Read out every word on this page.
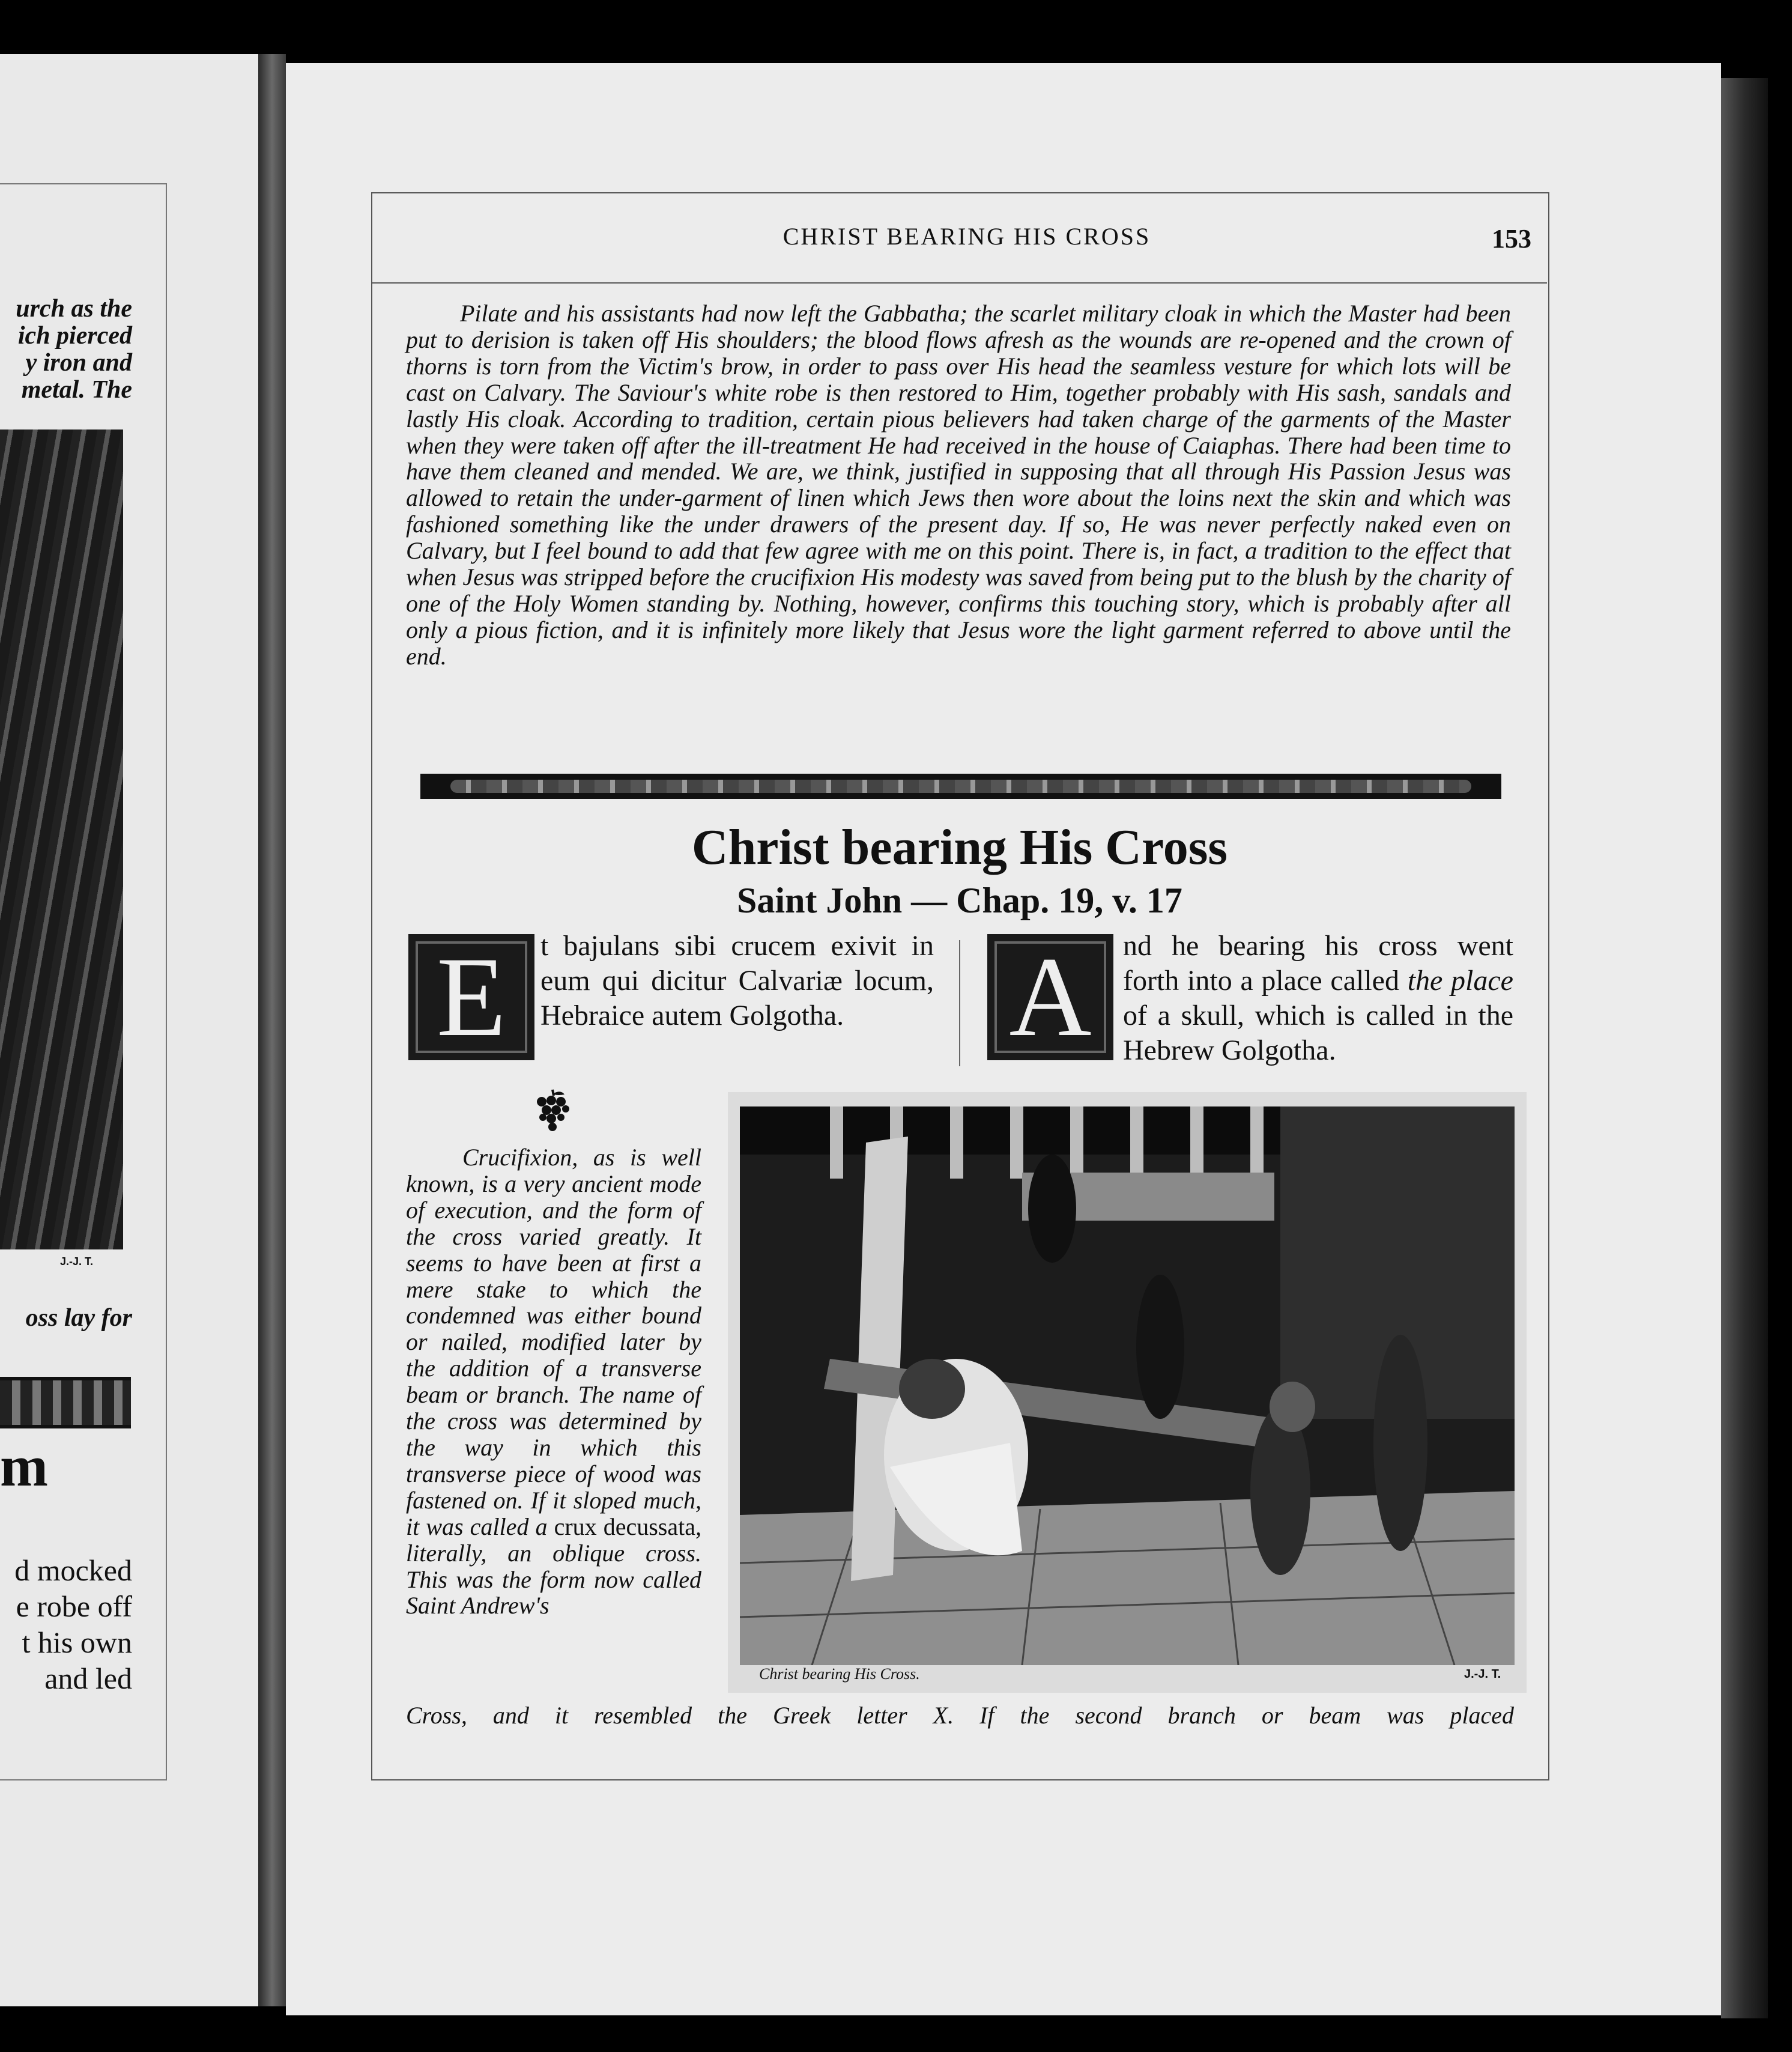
urch as the
ich pierced
y iron and
metal. The
J.-J. T.
oss lay for
m
d mocked
e robe off
t his own
and led
CHRIST BEARING HIS CROSS	153

Pilate and his assistants had now left the Gabbatha; the scarlet military cloak in which the Master had been put to derision is taken off His shoulders; the blood flows afresh as the wounds are re-opened and the crown of thorns is torn from the Victim's brow, in order to pass over His head the seamless vesture for which lots will be cast on Calvary. The Saviour's white robe is then restored to Him, together probably with His sash, sandals and lastly His cloak. According to tradition, certain pious believers had taken charge of the garments of the Master when they were taken off after the ill-treatment He had received in the house of Caiaphas. There had been time to have them cleaned and mended. We are, we think, justified in supposing that all through His Passion Jesus was allowed to retain the under-garment of linen which Jews then wore about the loins next the skin and which was fashioned something like the under drawers of the present day. If so, He was never perfectly naked even on Calvary, but I feel bound to add that few agree with me on this point. There is, in fact, a tradition to the effect that when Jesus was stripped before the crucifixion His modesty was saved from being put to the blush by the charity of one of the Holy Women standing by. Nothing, however, confirms this touching story, which is probably after all only a pious fiction, and it is infinitely more likely that Jesus wore the light garment referred to above until the end.

Christ bearing His Cross
Saint John — Chap. 19, v. 17
E	t bajulans sibi crucem exivit in eum qui dicitur Calvariæ locum, Hebraice autem Golgotha.	A	nd he bearing his cross went forth into a place called the place of a skull, which is called in the Hebrew Golgotha.

Crucifixion, as is well known, is a very ancient mode of execution, and the form of the cross varied greatly. It seems to have been at first a mere stake to which the condemned was either bound or nailed, modified later by the addition of a transverse beam or branch. The name of the cross was determined by the way in which this transverse piece of wood was fastened on. If it sloped much, it was called a crux decussata, literally, an oblique cross. This was the form now called Saint Andrew's

Christ bearing His Cross.	J.-J. T.

Cross, and it resembled the Greek letter X. If the second branch or beam was placed
